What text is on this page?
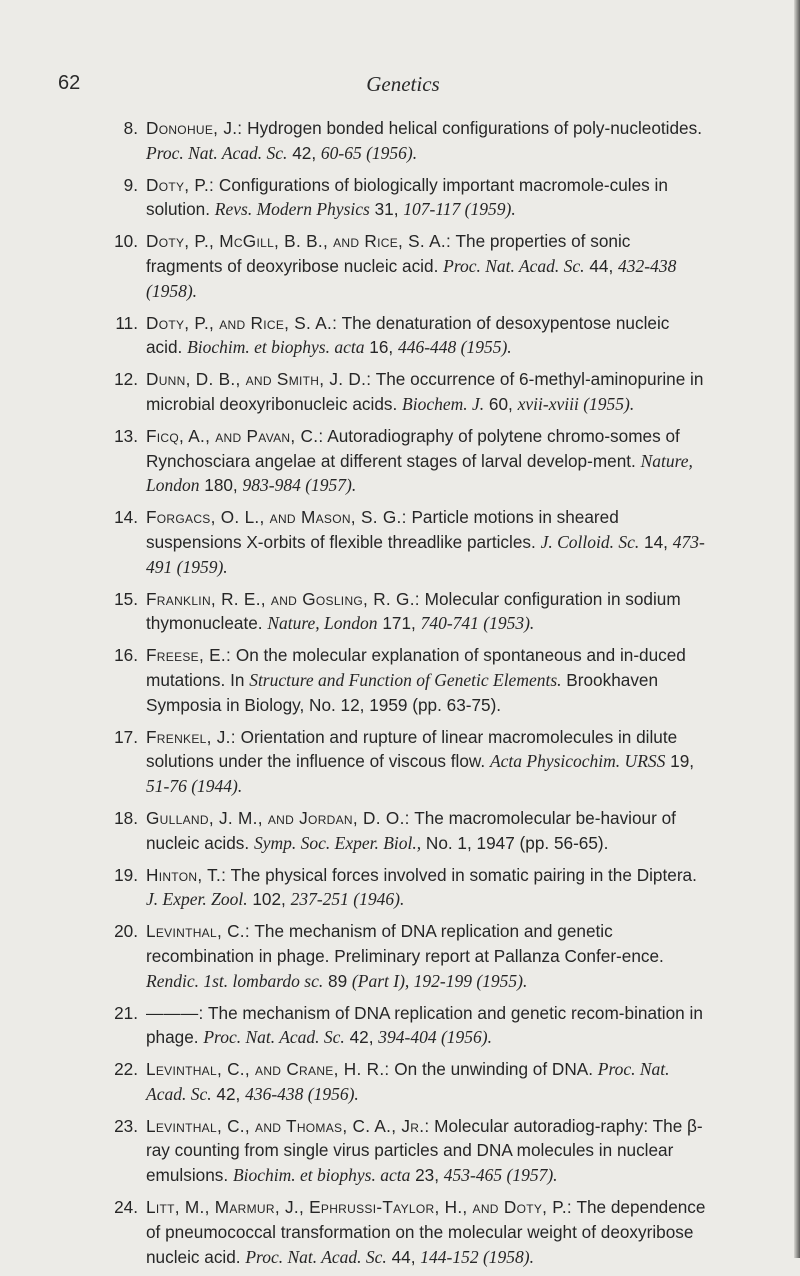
62	Genetics
8. Donohue, J.: Hydrogen bonded helical configurations of poly-nucleotides. Proc. Nat. Acad. Sc. 42, 60-65 (1956).
9. Doty, P.: Configurations of biologically important macromole-cules in solution. Revs. Modern Physics 31, 107-117 (1959).
10. Doty, P., McGill, B. B., and Rice, S. A.: The properties of sonic fragments of deoxyribose nucleic acid. Proc. Nat. Acad. Sc. 44, 432-438 (1958).
11. Doty, P., and Rice, S. A.: The denaturation of desoxypentose nucleic acid. Biochim. et biophys. acta 16, 446-448 (1955).
12. Dunn, D. B., and Smith, J. D.: The occurrence of 6-methyl-aminopurine in microbial deoxyribonucleic acids. Biochem. J. 60, xvii-xviii (1955).
13. Ficq, A., and Pavan, C.: Autoradiography of polytene chromo-somes of Rynchosciara angelae at different stages of larval develop-ment. Nature, London 180, 983-984 (1957).
14. Forgacs, O. L., and Mason, S. G.: Particle motions in sheared suspensions X-orbits of flexible threadlike particles. J. Colloid. Sc. 14, 473-491 (1959).
15. Franklin, R. E., and Gosling, R. G.: Molecular configuration in sodium thymonucleate. Nature, London 171, 740-741 (1953).
16. Freese, E.: On the molecular explanation of spontaneous and in-duced mutations. In Structure and Function of Genetic Elements. Brookhaven Symposia in Biology, No. 12, 1959 (pp. 63-75).
17. Frenkel, J.: Orientation and rupture of linear macromolecules in dilute solutions under the influence of viscous flow. Acta Physicochim. URSS 19, 51-76 (1944).
18. Gulland, J. M., and Jordan, D. O.: The macromolecular be-haviour of nucleic acids. Symp. Soc. Exper. Biol., No. 1, 1947 (pp. 56-65).
19. Hinton, T.: The physical forces involved in somatic pairing in the Diptera. J. Exper. Zool. 102, 237-251 (1946).
20. Levinthal, C.: The mechanism of DNA replication and genetic recombination in phage. Preliminary report at Pallanza Confer-ence. Rendic. 1st. lombardo sc. 89 (Part I), 192-199 (1955).
21. ———: The mechanism of DNA replication and genetic recom-bination in phage. Proc. Nat. Acad. Sc. 42, 394-404 (1956).
22. Levinthal, C., and Crane, H. R.: On the unwinding of DNA. Proc. Nat. Acad. Sc. 42, 436-438 (1956).
23. Levinthal, C., and Thomas, C. A., Jr.: Molecular autoradiog-raphy: The β-ray counting from single virus particles and DNA molecules in nuclear emulsions. Biochim. et biophys. acta 23, 453-465 (1957).
24. Litt, M., Marmur, J., Ephrussi-Taylor, H., and Doty, P.: The dependence of pneumococcal transformation on the molecular weight of deoxyribose nucleic acid. Proc. Nat. Acad. Sc. 44, 144-152 (1958).
